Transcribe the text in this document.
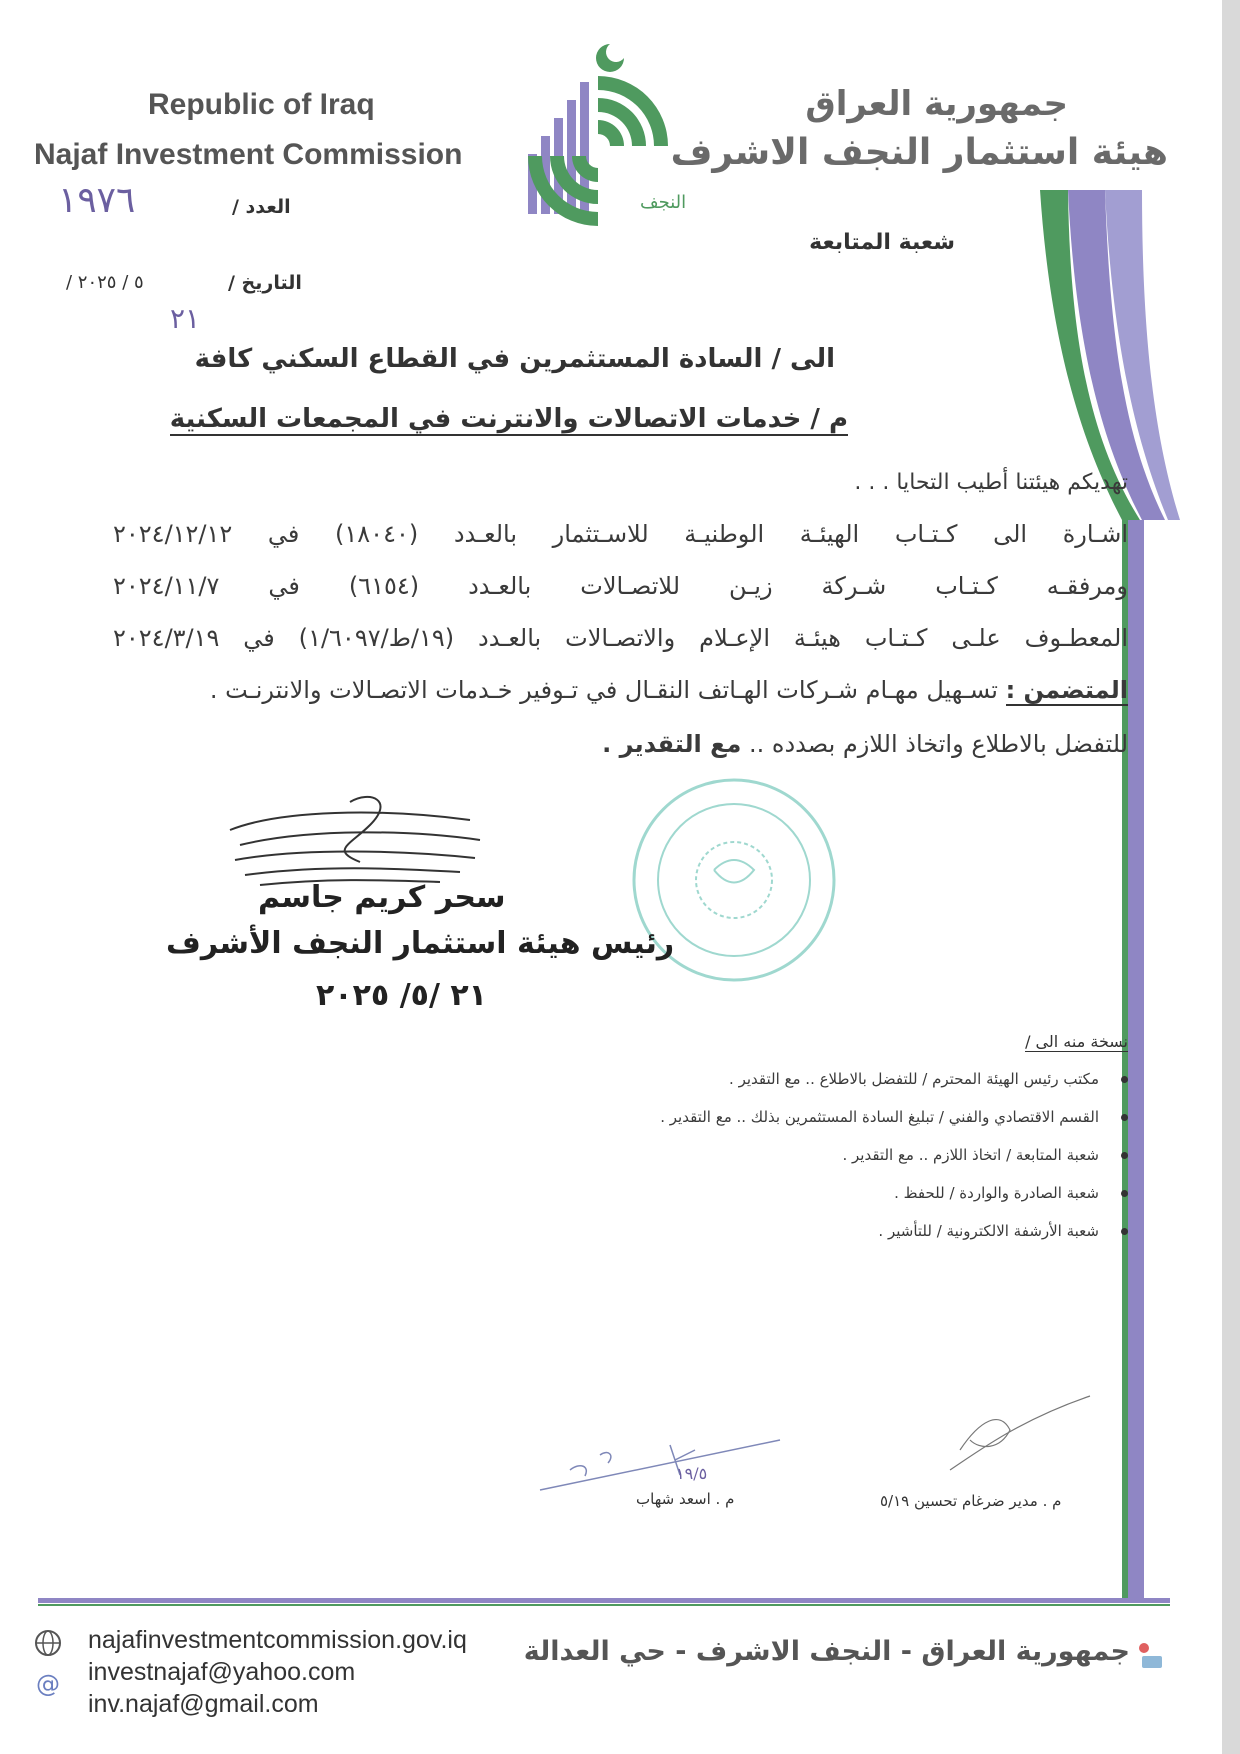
Republic of Iraq
Najaf Investment Commission
جمهورية العراق
هيئة استثمار النجف الاشرف
النجف
شعبة المتابعة
العدد /
١٩٧٦
التاريخ /
/ ٥ / ٢٠٢٥
٢١
الى / السادة المستثمرين في القطاع السكني كافة
م / خدمات الاتصالات والانترنت في المجمعات السكنية
تهديكم هيئتنا أطيب التحايا . . .
اشـارة الى كـتـاب الهيئـة الوطنيـة للاسـتثمار بالعـدد (١٨٠٤٠) في ٢٠٢٤/١٢/١٢
ومرفقـه كـتـاب شـركة زيـن للاتصـالات بالعـدد (٦١٥٤) في ٢٠٢٤/١١/٧
المعطـوف علـى كـتـاب هيئـة الإعـلام والاتصـالات بالعـدد (١٩/ط/١/٦٠٩٧) في ٢٠٢٤/٣/١٩
المتضمن : تسـهيل مهـام شـركات الهـاتف النقـال في تـوفير خـدمات الاتصـالات والانترنـت .
للتفضل بالاطلاع واتخاذ اللازم بصدده .. مع التقدير .
سحر كريم جاسم
رئيس هيئة استثمار النجف الأشرف
٢١ /٥/ ٢٠٢٥
نسخة منه الى /
مكتب رئيس الهيئة المحترم / للتفضل بالاطلاع .. مع التقدير .
القسم الاقتصادي والفني / تبليغ السادة المستثمرين بذلك .. مع التقدير .
شعبة المتابعة / اتخاذ اللازم .. مع التقدير .
شعبة الصادرة والواردة / للحفظ .
شعبة الأرشفة الالكترونية / للتأشير .
١٩/٥
م . اسعد شهاب	م . مدير ضرغام تحسين ٥/١٩
جمهورية العراق - النجف الاشرف - حي العدالة
@
najafinvestmentcommission.gov.iq
investnajaf@yahoo.com
inv.najaf@gmail.com
